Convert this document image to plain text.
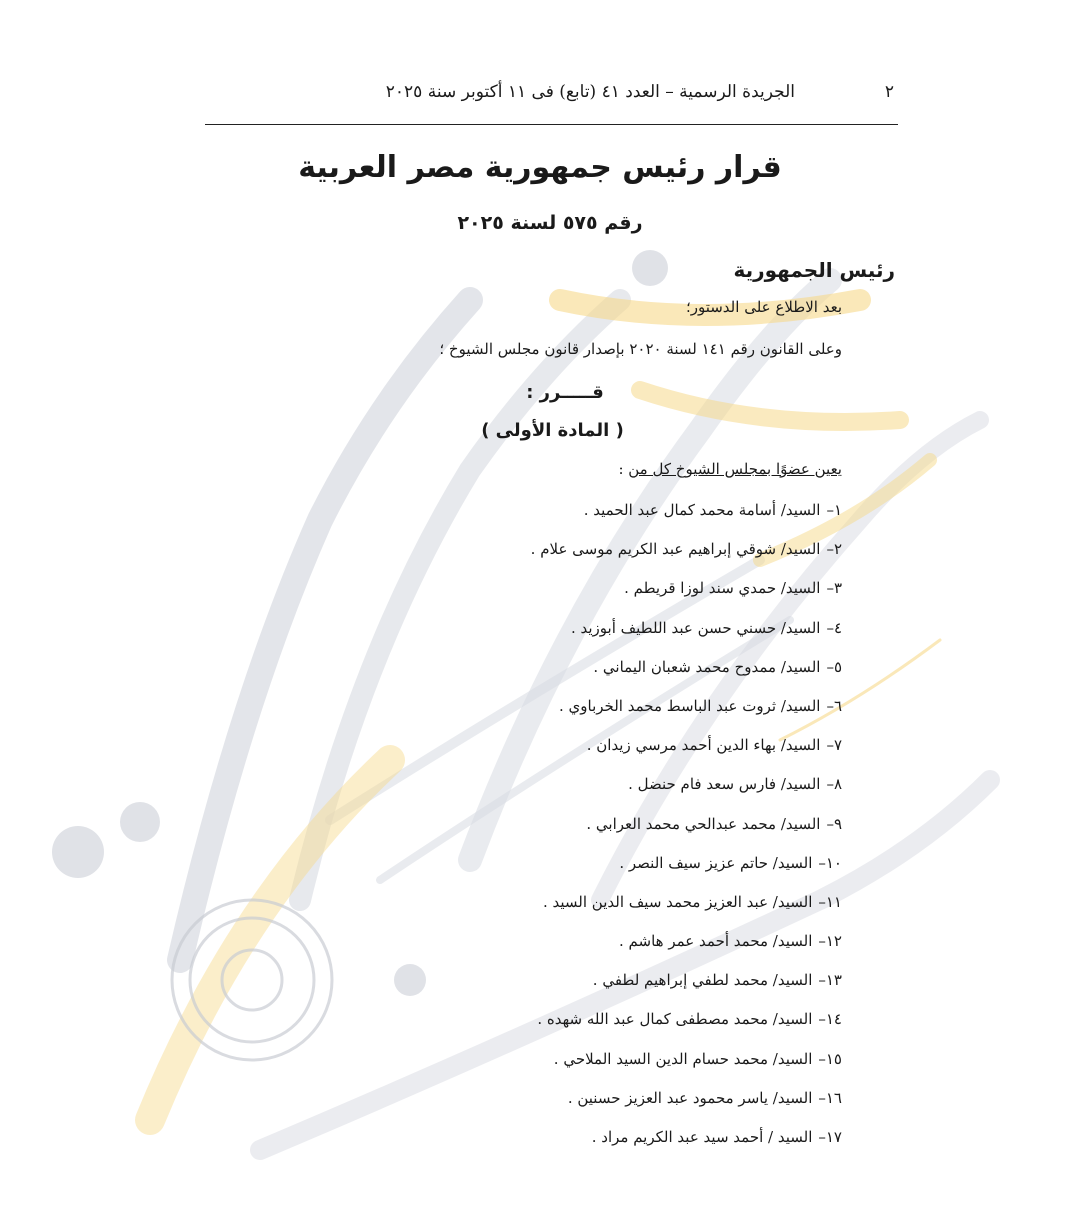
٢
الجريدة الرسمية – العدد ٤١ (تابع) فى ١١ أكتوبر سنة ٢٠٢٥
قرار رئيس جمهورية مصر العربية
رقم ٥٧٥ لسنة ٢٠٢٥
رئيس الجمهورية
بعد الاطلاع على الدستور؛
وعلى القانون رقم ١٤١ لسنة ٢٠٢٠ بإصدار قانون مجلس الشيوخ ؛
قـــــرر :
( المادة الأولى )
يعين عضوًا بمجلس الشيوخ كل من :
١–السيد/ أسامة محمد كمال عبد الحميد .
٢–السيد/ شوقي إبراهيم عبد الكريم موسى علام .
٣–السيد/ حمدي سند لوزا قريطم .
٤–السيد/ حسني حسن عبد اللطيف أبوزيد .
٥–السيد/ ممدوح محمد شعبان اليماني .
٦–السيد/ ثروت عبد الباسط محمد الخرباوي .
٧–السيد/ بهاء الدين أحمد مرسي زيدان .
٨–السيد/ فارس سعد فام حنضل .
٩–السيد/ محمد عبدالحي محمد العرابي .
١٠–السيد/ حاتم عزيز سيف النصر .
١١–السيد/ عبد العزيز محمد سيف الدين السيد .
١٢–السيد/ محمد أحمد عمر هاشم .
١٣–السيد/ محمد لطفي إبراهيم لطفي .
١٤–السيد/ محمد مصطفى كمال عبد الله شهده .
١٥–السيد/ محمد حسام الدين السيد الملاحي .
١٦–السيد/ ياسر محمود عبد العزيز حسنين .
١٧–السيد / أحمد سيد عبد الكريم مراد .
